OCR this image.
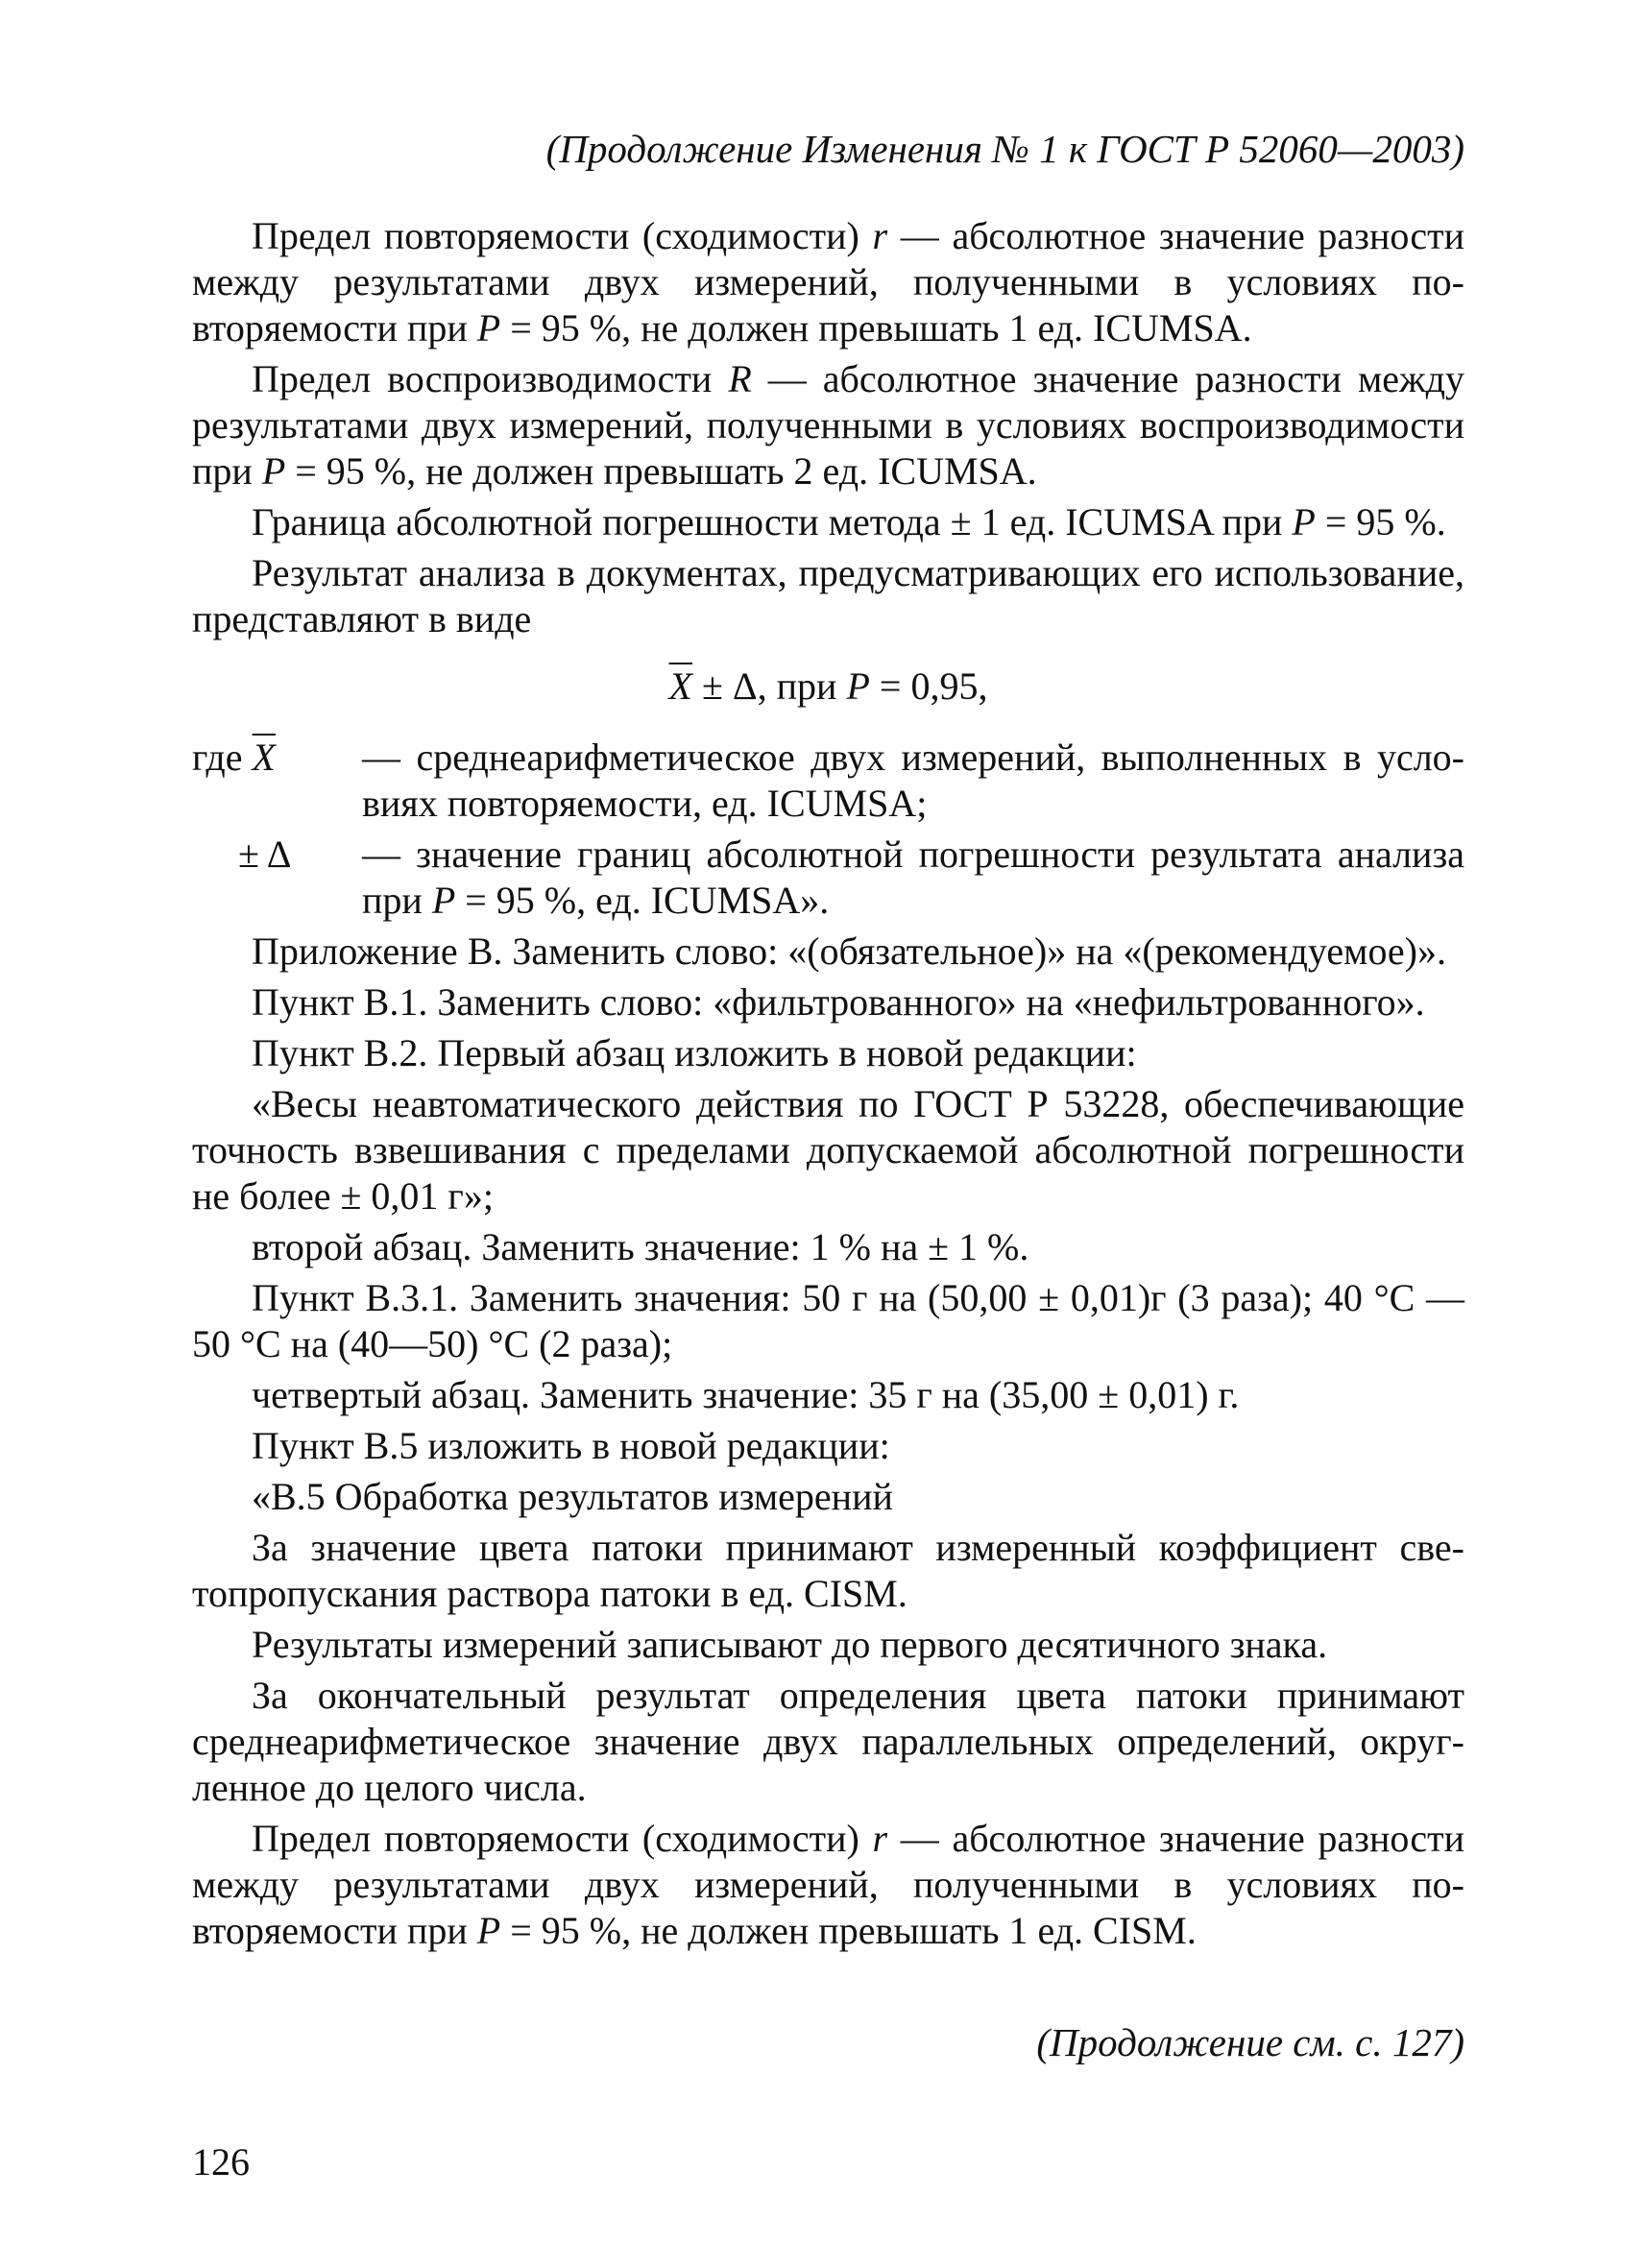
(Продолжение Изменения № 1 к ГОСТ Р 52060—2003)

Предел повторяемости (сходимости) r — абсолютное значение разности между результатами двух измерений, полученными в условиях повторяемости при P = 95 %, не должен превышать 1 ед. ICUMSA.

Предел воспроизводимости R — абсолютное значение разности между результатами двух измерений, полученными в условиях воспроизводимости при P = 95 %, не должен превышать 2 ед. ICUMSA.

Граница абсолютной погрешности метода ± 1 ед. ICUMSA при P = 95 %.

Результат анализа в документах, предусматривающих его использование, представляют в виде

$\overline{X} \pm \Delta$, при P = 0,95,

где $\overline{X}$	— среднеарифметическое двух измерений, выполненных в условиях повторяемости, ед. ICUMSA;
± Δ	— значение границ абсолютной погрешности результата анализа при P = 95 %, ед. ICUMSA».

Приложение В. Заменить слово: «(обязательное)» на «(рекомендуемое)».

Пункт В.1. Заменить слово: «фильтрованного» на «нефильтрованного».

Пункт В.2. Первый абзац изложить в новой редакции:

«Весы неавтоматического действия по ГОСТ Р 53228, обеспечивающие точность взвешивания с пределами допускаемой абсолютной погрешности не более ± 0,01 г»;

второй абзац. Заменить значение: 1 % на ± 1 %.

Пункт В.3.1. Заменить значения: 50 г на (50,00 ± 0,01)г (3 раза); 40 °С — 50 °С на (40—50) °С (2 раза);

четвертый абзац. Заменить значение: 35 г на (35,00 ± 0,01) г.

Пункт В.5 изложить в новой редакции:

«В.5 Обработка результатов измерений

За значение цвета патоки принимают измеренный коэффициент светопропускания раствора патоки в ед. CISM.

Результаты измерений записывают до первого десятичного знака.

За окончательный результат определения цвета патоки принимают среднеарифметическое значение двух параллельных определений, округленное до целого числа.

Предел повторяемости (сходимости) r — абсолютное значение разности между результатами двух измерений, полученными в условиях повторяемости при P = 95 %, не должен превышать 1 ед. CISM.

(Продолжение см. с. 127)
126
